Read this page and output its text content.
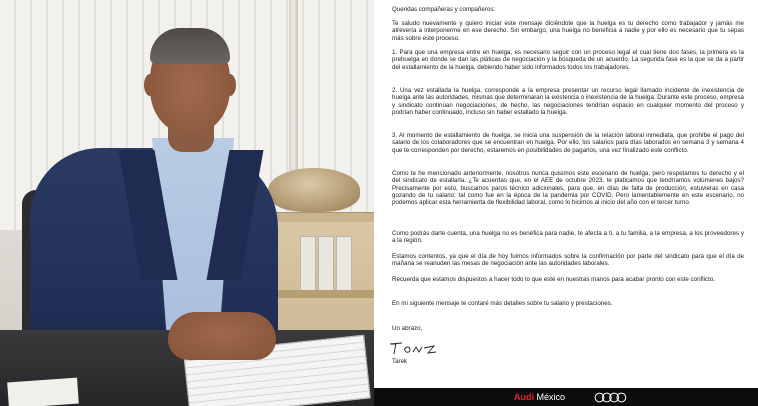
Queridas compañeras y compañeros:

Te saludo nuevamente y quiero iniciar este mensaje diciéndote que la huelga es tu derecho como trabajador y jamás me atrevería a interponerme en ese derecho. Sin embargo, una huelga no beneficia a nadie y por ello es necesario que tu sepas más sobre este proceso.

1. Para que una empresa entre en huelga, es necesario seguir con un proceso legal el cual tiene dos fases, la primera es la prehuelga en donde se dan las pláticas de negociación y la búsqueda de un acuerdo. La segunda fase es la que se da a partir del estallamiento de la huelga, debiendo haber sido informados todos los trabajadores.

2. Una vez estallada la huelga, corresponde a la empresa presentar un recurso legal llamado incidente de inexistencia de huelga ante las autoridades, mismas que determinaran la existencia o inexistencia de la huelga. Durante este proceso, empresa y sindicato continúan negociaciones; de hecho, las negociaciones tendrían espacio en cualquier momento del proceso y podrían haber continuado, incluso sin haber estallado la huelga.

3. Al momento de estallamiento de huelga, se inicia una suspensión de la relación laboral inmediata, que prohíbe el pago del salario de los colaboradores que se encuentran en huelga. Por ello, los salarios para días laborados en semana 3 y semana 4 que te corresponden por derecho, estaremos en posibilidades de pagarlos, una vez finalizado este conflicto.

Como te he mencionado anteriormente, nosotros nunca quisimos este escenario de huelga, pero respetamos tu derecho y el del sindicato de estallarla. ¿Te acuerdas que, en el AEE de octubre 2023, te platicamos que tendríamos volúmenes bajos? Precisamente por esto, buscamos paros técnico adicionales, para que, en días de falta de producción, estuvieras en casa gozando de tu salario; tal como fue en la época de la pandemia por COVID. Pero lamentablemente en este escenario, no podemos aplicar esta herramienta de flexibilidad laboral, como lo hicimos al inicio del año con el tercer turno.

Como podrás darte cuenta, una huelga no es benéfica para nadie, te afecta a ti, a tu familia, a la empresa, a los proveedores y a la región.

Estamos contentos, ya que el día de hoy fuimos informados sobre la confirmación por parte del sindicato para que el día de mañana se reanuden las mesas de negociación ante las autoridades laborales.

Recuerda que estamos dispuestos a hacer todo lo que esté en nuestras manos para acabar pronto con este conflicto.

En mi siguiente mensaje te contaré más detalles sobre tu salario y prestaciones.

Un abrazo,

Tarek

Audi México
